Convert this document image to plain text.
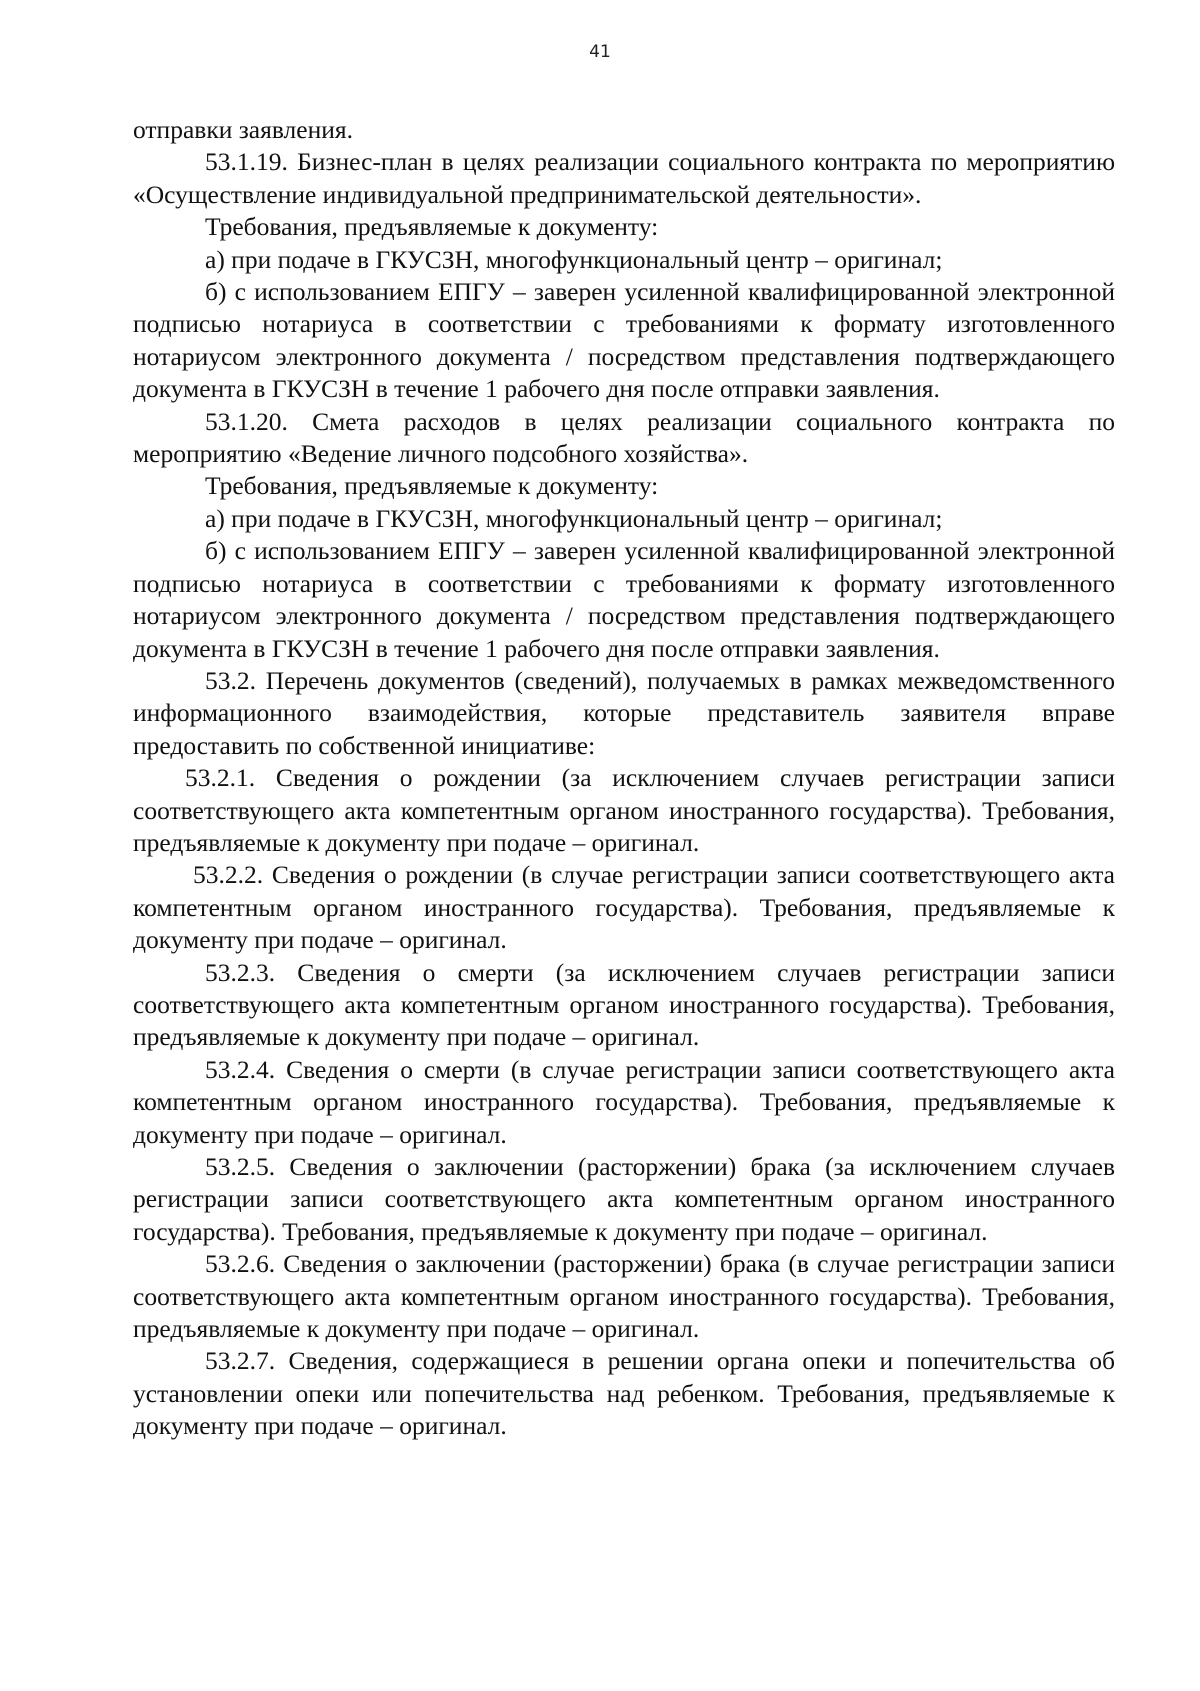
41

отправки заявления.

53.1.19. Бизнес-план в целях реализации социального контракта по мероприятию «Осуществление индивидуальной предпринимательской деятельности».

Требования, предъявляемые к документу:

а) при подаче в ГКУСЗН, многофункциональный центр – оригинал;

б) с использованием ЕПГУ – заверен усиленной квалифицированной электронной подписью нотариуса в соответствии с требованиями к формату изготовленного нотариусом электронного документа / посредством представления подтверждающего документа в ГКУСЗН в течение 1 рабочего дня после отправки заявления.

53.1.20. Смета расходов в целях реализации социального контракта по мероприятию «Ведение личного подсобного хозяйства».

Требования, предъявляемые к документу:

а) при подаче в ГКУСЗН, многофункциональный центр – оригинал;

б) с использованием ЕПГУ – заверен усиленной квалифицированной электронной подписью нотариуса в соответствии с требованиями к формату изготовленного нотариусом электронного документа / посредством представления подтверждающего документа в ГКУСЗН в течение 1 рабочего дня после отправки заявления.

53.2. Перечень документов (сведений), получаемых в рамках межведомственного информационного взаимодействия, которые представитель заявителя вправе предоставить по собственной инициативе:

53.2.1. Сведения о рождении (за исключением случаев регистрации записи соответствующего акта компетентным органом иностранного государства). Требования, предъявляемые к документу при подаче – оригинал.

53.2.2. Сведения о рождении (в случае регистрации записи соответствующего акта компетентным органом иностранного государства). Требования, предъявляемые к документу при подаче – оригинал.

53.2.3. Сведения о смерти (за исключением случаев регистрации записи соответствующего акта компетентным органом иностранного государства). Требования, предъявляемые к документу при подаче – оригинал.

53.2.4. Сведения о смерти (в случае регистрации записи соответствующего акта компетентным органом иностранного государства). Требования, предъявляемые к документу при подаче – оригинал.

53.2.5. Сведения о заключении (расторжении) брака (за исключением случаев регистрации записи соответствующего акта компетентным органом иностранного государства). Требования, предъявляемые к документу при подаче – оригинал.

53.2.6. Сведения о заключении (расторжении) брака (в случае регистрации записи соответствующего акта компетентным органом иностранного государства). Требования, предъявляемые к документу при подаче – оригинал.

53.2.7. Сведения, содержащиеся в решении органа опеки и попечительства об установлении опеки или попечительства над ребенком. Требования, предъявляемые к документу при подаче – оригинал.
